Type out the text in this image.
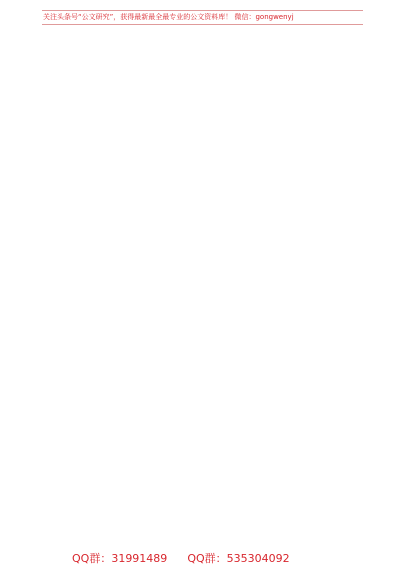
关注头条号“公文研究”，获得最新最全最专业的公文资料库！ 微信：gongwenyj
QQ群：31991489 QQ群：535304092
